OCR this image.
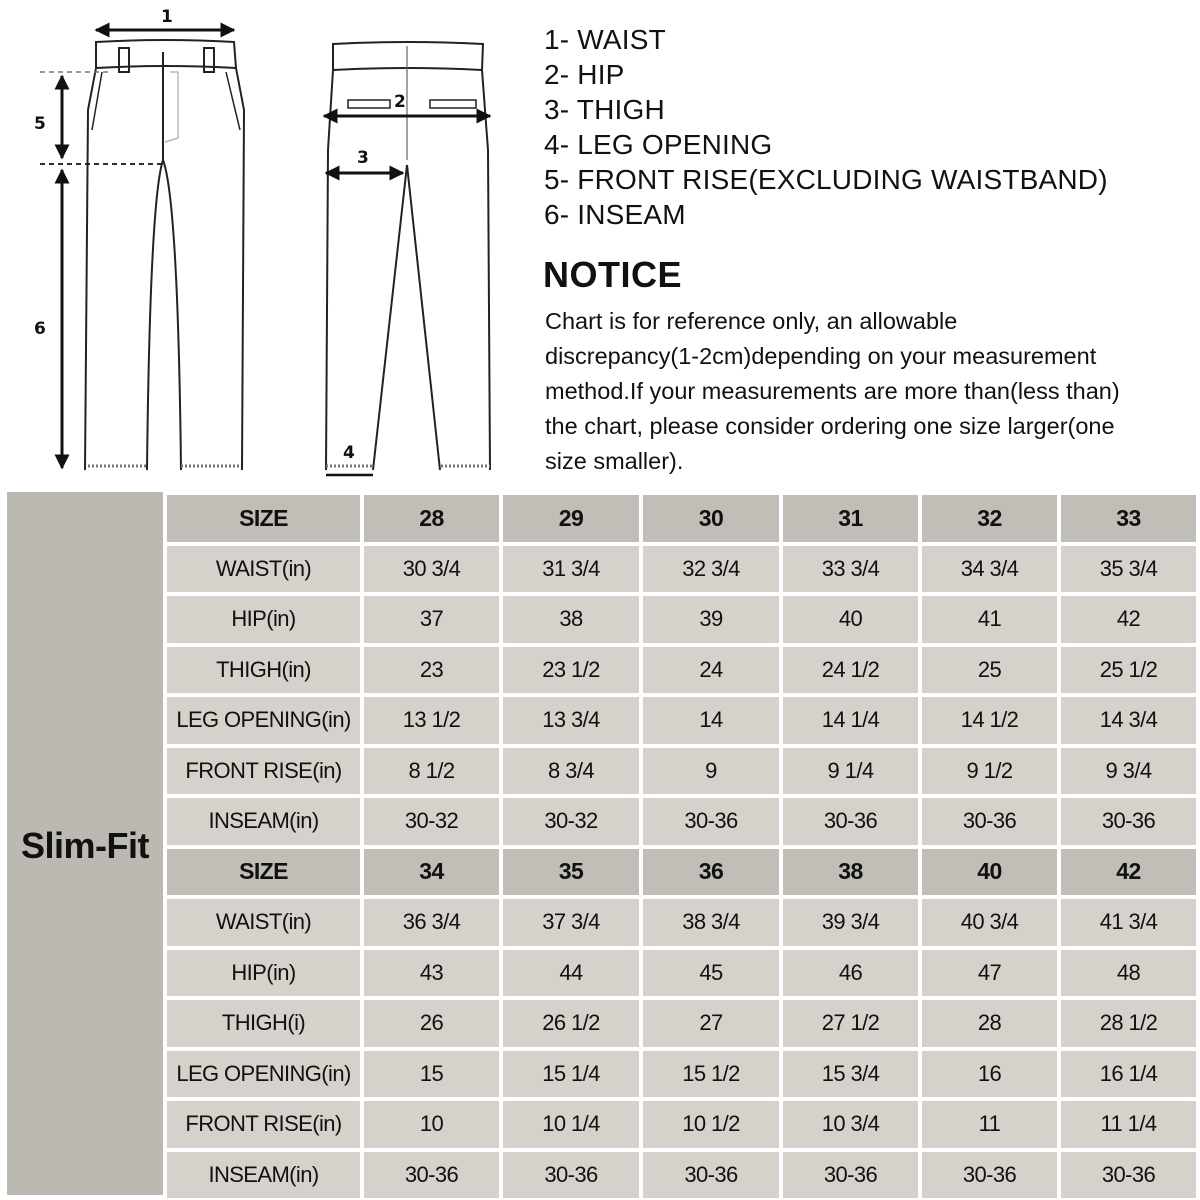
1
5
6
2
3
4
1- WAIST
2- HIP
3- THIGH
4- LEG OPENING
5- FRONT RISE(EXCLUDING WAISTBAND)
6- INSEAM
NOTICE
Chart is for reference only, an allowable
discrepancy(1-2cm)depending on your measurement
method.If your measurements are more than(less than)
the chart, please consider ordering one size larger(one
size smaller).
Slim-Fit
SIZE	28	29	30	31	32	33
WAIST(in)	30 3/4	31 3/4	32 3/4	33 3/4	34 3/4	35 3/4
HIP(in)	37	38	39	40	41	42
THIGH(in)	23	23 1/2	24	24 1/2	25	25 1/2
LEG OPENING(in)	13 1/2	13 3/4	14	14 1/4	14 1/2	14 3/4
FRONT RISE(in)	8 1/2	8 3/4	9	9 1/4	9 1/2	9 3/4
INSEAM(in)	30-32	30-32	30-36	30-36	30-36	30-36
SIZE	34	35	36	38	40	42
WAIST(in)	36 3/4	37 3/4	38 3/4	39 3/4	40 3/4	41 3/4
HIP(in)	43	44	45	46	47	48
THIGH(i)	26	26 1/2	27	27 1/2	28	28 1/2
LEG OPENING(in)	15	15 1/4	15 1/2	15 3/4	16	16 1/4
FRONT RISE(in)	10	10 1/4	10 1/2	10 3/4	11	11 1/4
INSEAM(in)	30-36	30-36	30-36	30-36	30-36	30-36
